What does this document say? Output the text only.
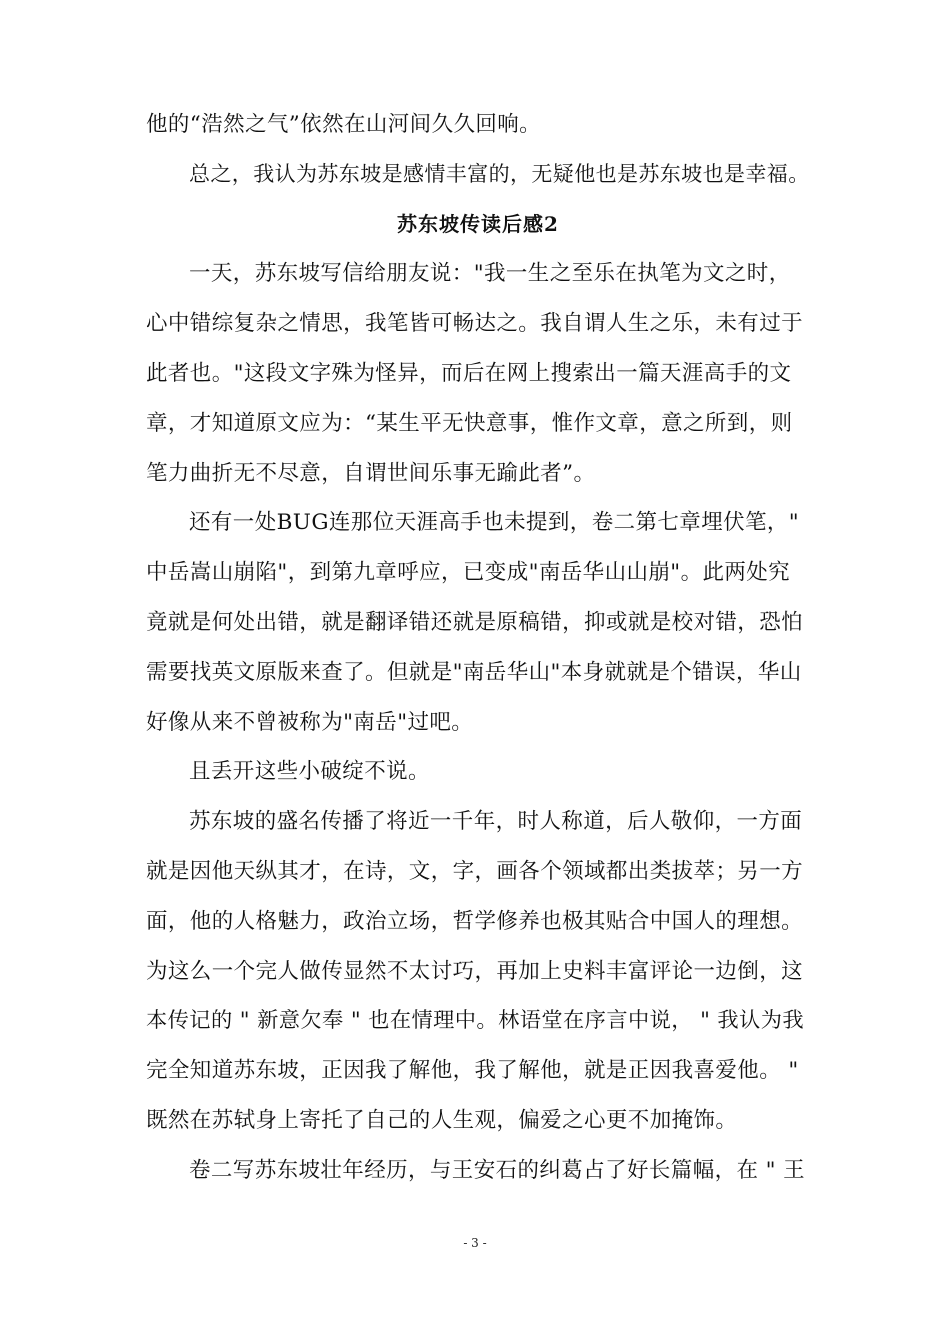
他的“浩然之气”依然在山河间久久回响。
总之，我认为苏东坡是感情丰富的，无疑他也是苏东坡也是幸福。
苏东坡传读后感2
一天，苏东坡写信给朋友说："我一生之至乐在执笔为文之时，
心中错综复杂之情思，我笔皆可畅达之。我自谓人生之乐，未有过于
此者也。"这段文字殊为怪异，而后在网上搜索出一篇天涯高手的文
章，才知道原文应为：“某生平无快意事，惟作文章，意之所到，则
笔力曲折无不尽意，自谓世间乐事无踰此者”。
还有一处BUG连那位天涯高手也未提到，卷二第七章埋伏笔，"
中岳嵩山崩陷"，到第九章呼应，已变成"南岳华山山崩"。此两处究
竟就是何处出错，就是翻译错还就是原稿错，抑或就是校对错，恐怕
需要找英文原版来查了。但就是"南岳华山"本身就就是个错误，华山
好像从来不曾被称为"南岳"过吧。
且丢开这些小破绽不说。
苏东坡的盛名传播了将近一千年，时人称道，后人敬仰，一方面
就是因他天纵其才，在诗，文，字，画各个领域都出类拔萃；另一方
面，他的人格魅力，政治立场，哲学修养也极其贴合中国人的理想。
为这么一个完人做传显然不太讨巧，再加上史料丰富评论一边倒，这
本传记的 " 新意欠奉 " 也在情理中。林语堂在序言中说， " 我认为我
完全知道苏东坡，正因我了解他，我了解他，就是正因我喜爱他。 "
既然在苏轼身上寄托了自己的人生观，偏爱之心更不加掩饰。
卷二写苏东坡壮年经历，与王安石的纠葛占了好长篇幅，在 " 王
- 3 -
